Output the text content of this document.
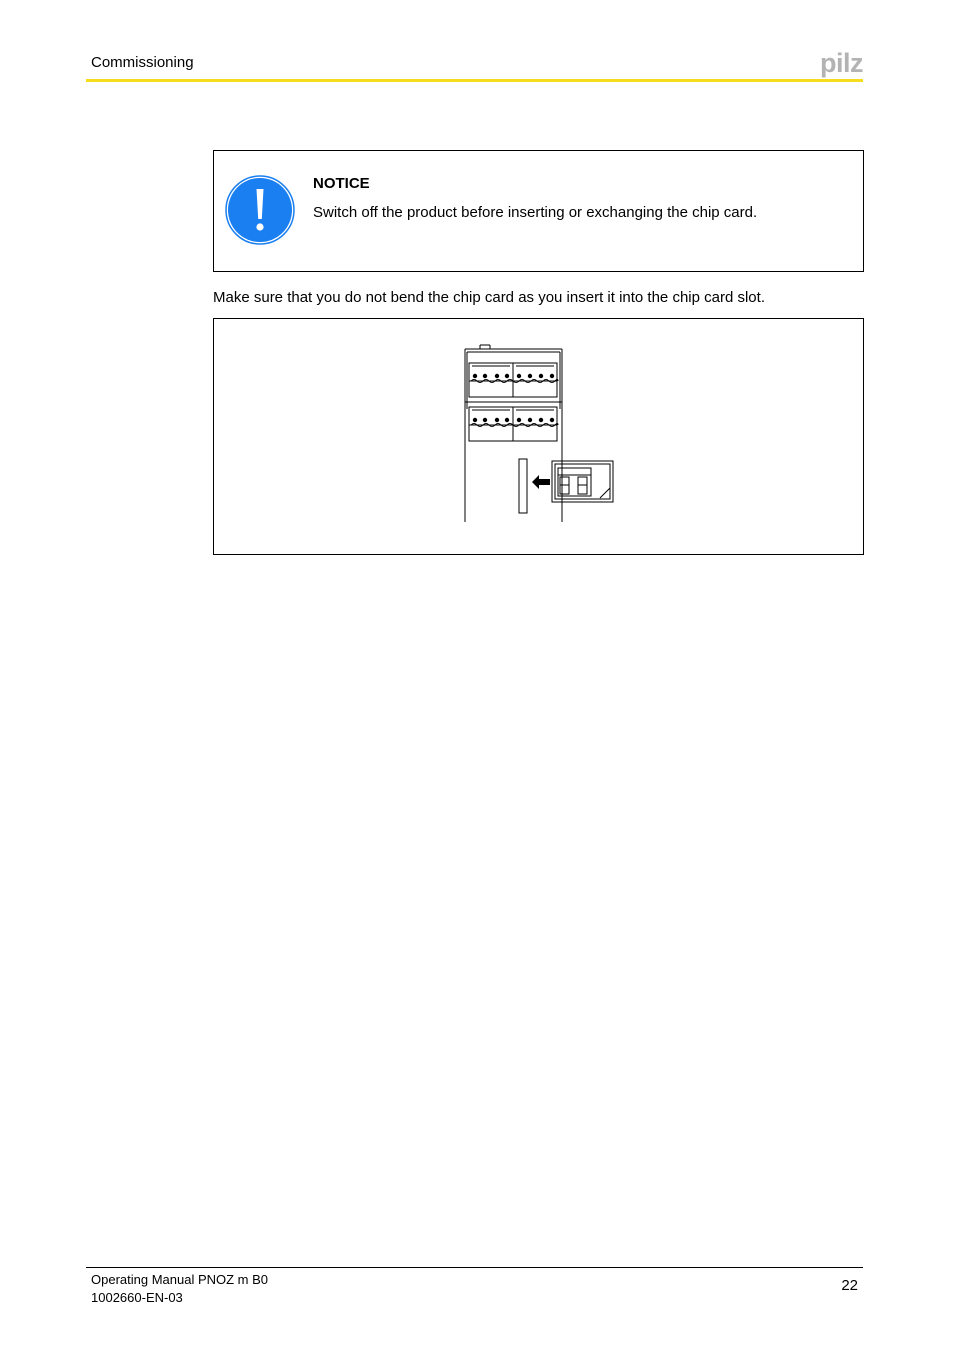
Commissioning	pilz
NOTICE
Switch off the product before inserting or exchanging the chip card.
Make sure that you do not bend the chip card as you insert it into the chip card slot.
Operating Manual PNOZ m B0
1002660-EN-03
22
